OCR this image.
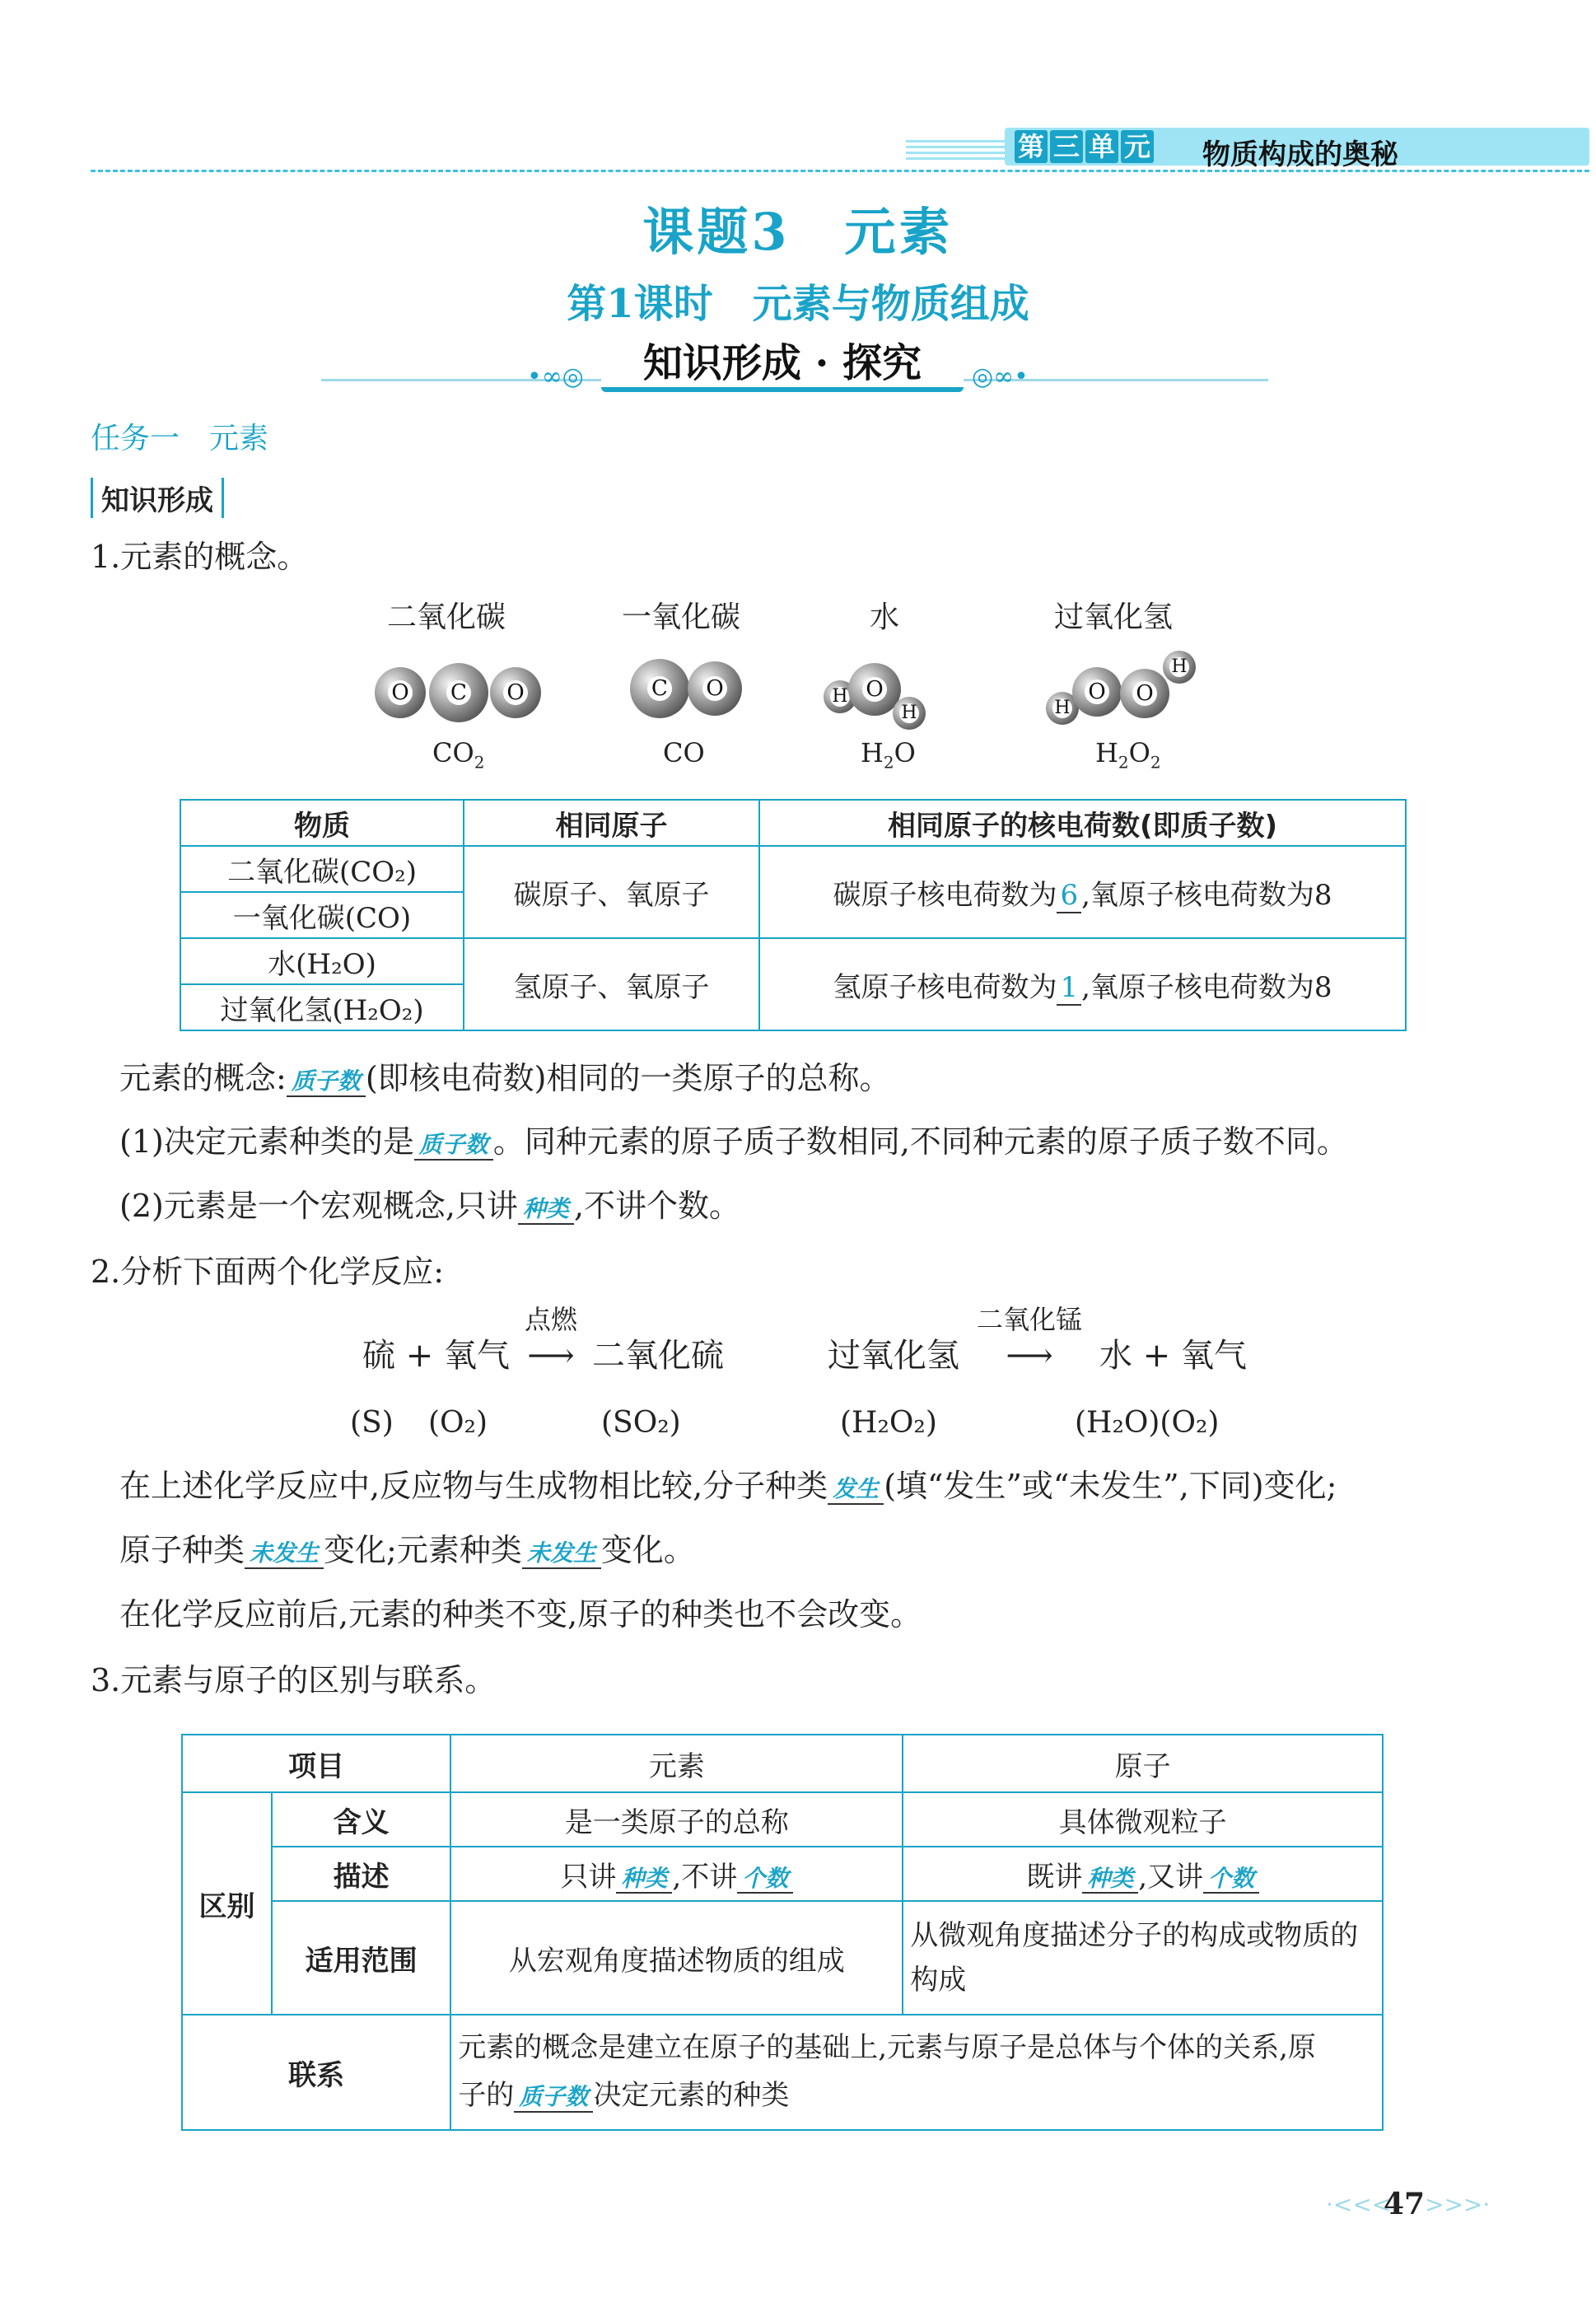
第 三 单 元 物质构成的奥秘
课题3　元素
第1课时　元素与物质组成
•∞◎	◎∞•
知识形成 · 探究
任务一　元素
知识形成
1.元素的概念。
二氧化碳	一氧化碳	水	过氧化氢
O C O	C O	H O
H	H
O O
H
$CO_2$	CO	$H_2O$	$H_2O_2$
物质	相同原子	相同原子的核电荷数(即质子数)
二氧化碳(CO₂)	碳原子、氧原子	碳原子核电荷数为 6 ,氧原子核电荷数为8
一氧化碳(CO)		
水(H₂O)	氢原子、氧原子	氢原子核电荷数为 1 ,氧原子核电荷数为8
过氧化氢(H₂O₂)		
元素的概念: 质子数 (即核电荷数)相同的一类原子的总称。
(1)决定元素种类的是 质子数 。同种元素的原子质子数相同,不同种元素的原子质子数不同。
(2)元素是一个宏观概念,只讲 种类 ,不讲个数。
2.分析下面两个化学反应:
硫 + 氧气
点燃
⟶ 二氧化硫	过氧化氢
二氧化锰
⟶ 水 + 氧气
(S) (O₂)	(SO₂)	(H₂O₂)	(H₂O)(O₂)
在上述化学反应中,反应物与生成物相比较,分子种类 发生 (填“发生”或“未发生”,下同)变化;
原子种类 未发生 变化;元素种类 未发生 变化。
在化学反应前后,元素的种类不变,原子的种类也不会改变。
3.元素与原子的区别与联系。
项目		元素	原子
区别	含义	是一类原子的总称	具体微观粒子
	描述	只讲 种类 ,不讲 个数	既讲 种类 ,又讲 个数
	适用范围	从宏观角度描述物质的组成	从微观角度描述分子的构成或物质的
构成

联系		元素的概念是建立在原子的基础上,元素与原子是总体与个体的关系,原
子的 质子数 决定元素的种类	
·<<<
47 >>>·
